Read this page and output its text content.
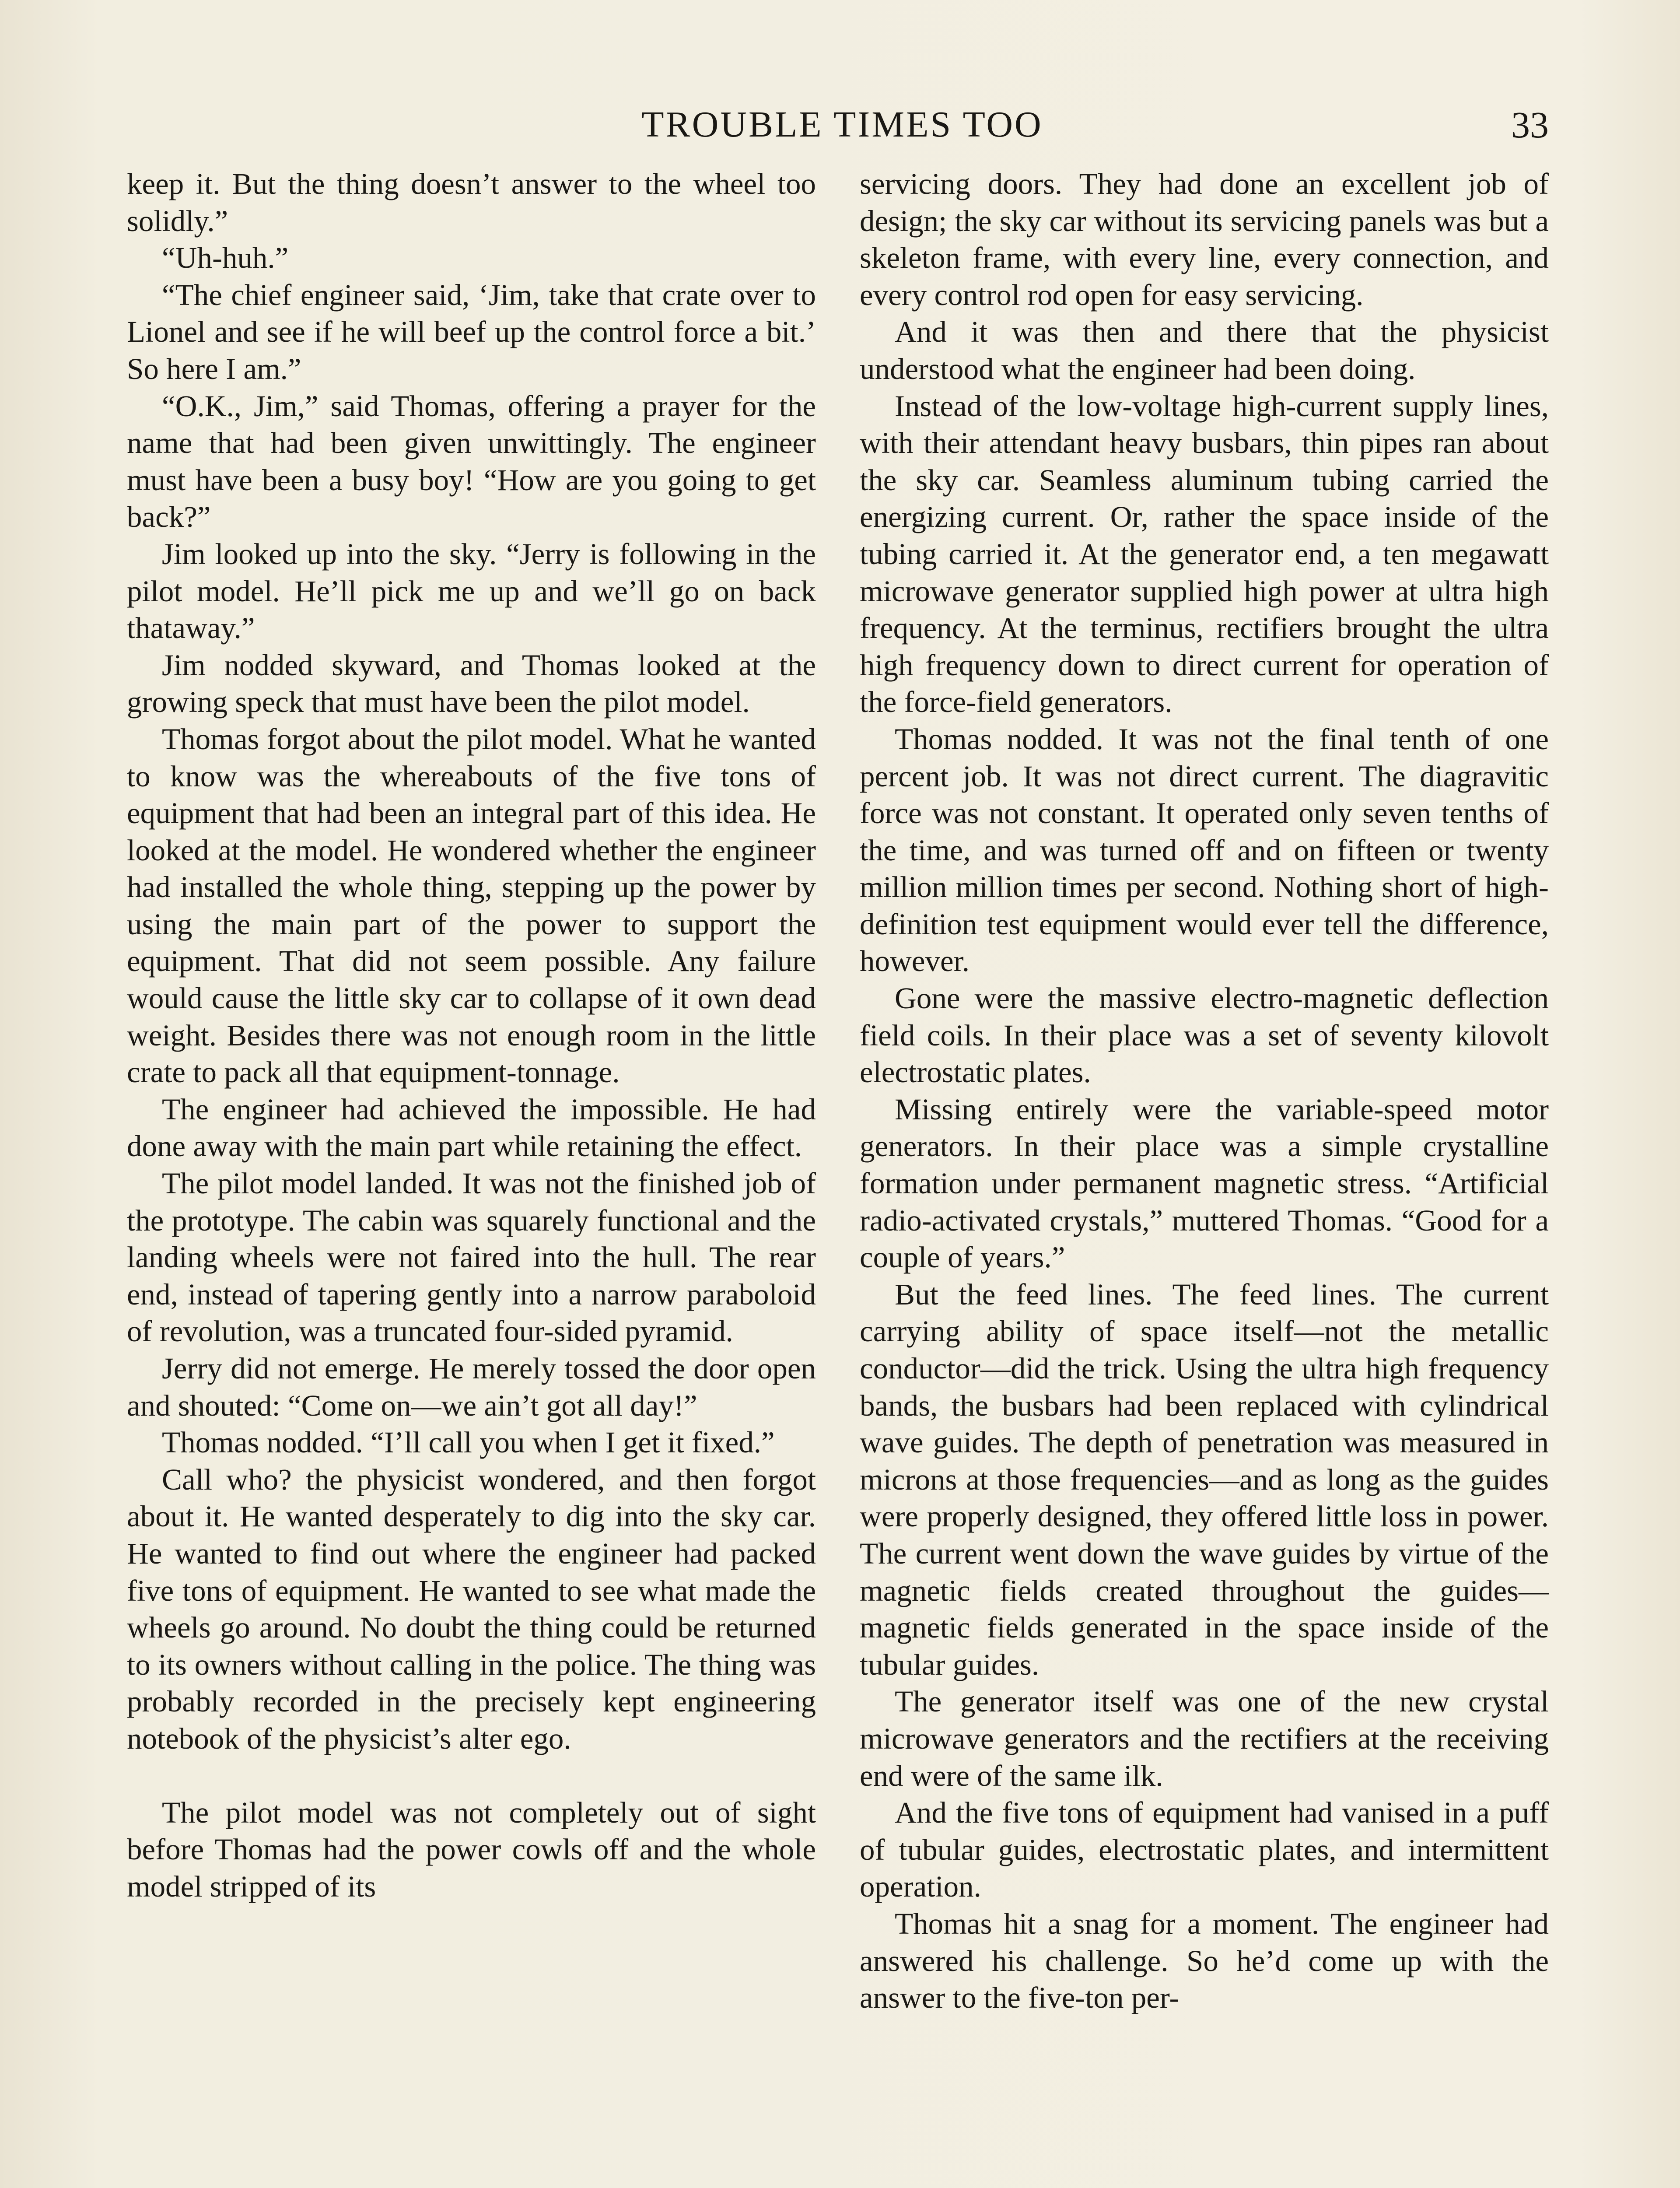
TROUBLE TIMES TOO	33

keep it. But the thing doesn’t answer to the wheel too solidly.”

“Uh-huh.”

“The chief engineer said, ‘Jim, take that crate over to Lionel and see if he will beef up the control force a bit.’ So here I am.”

“O.K., Jim,” said Thomas, offering a prayer for the name that had been given unwittingly. The engineer must have been a busy boy! “How are you going to get back?”

Jim looked up into the sky. “Jerry is following in the pilot model. He’ll pick me up and we’ll go on back thataway.”

Jim nodded skyward, and Thomas looked at the growing speck that must have been the pilot model.

Thomas forgot about the pilot model. What he wanted to know was the whereabouts of the five tons of equipment that had been an integral part of this idea. He looked at the model. He wondered whether the engineer had installed the whole thing, stepping up the power by using the main part of the power to support the equipment. That did not seem possible. Any failure would cause the little sky car to collapse of it own dead weight. Besides there was not enough room in the little crate to pack all that equipment-tonnage.

The engineer had achieved the impossible. He had done away with the main part while retaining the effect.

The pilot model landed. It was not the finished job of the prototype. The cabin was squarely functional and the landing wheels were not faired into the hull. The rear end, instead of tapering gently into a narrow paraboloid of revolution, was a truncated four-sided pyramid.

Jerry did not emerge. He merely tossed the door open and shouted: “Come on—we ain’t got all day!”

Thomas nodded. “I’ll call you when I get it fixed.”

Call who? the physicist wondered, and then forgot about it. He wanted desperately to dig into the sky car. He wanted to find out where the engineer had packed five tons of equipment. He wanted to see what made the wheels go around. No doubt the thing could be returned to its owners without calling in the police. The thing was probably recorded in the precisely kept engineering notebook of the physicist’s alter ego.

The pilot model was not completely out of sight before Thomas had the power cowls off and the whole model stripped of its

servicing doors. They had done an excellent job of design; the sky car without its servicing panels was but a skeleton frame, with every line, every connection, and every control rod open for easy servicing.

And it was then and there that the physicist understood what the engineer had been doing.

Instead of the low-voltage high-current supply lines, with their attendant heavy busbars, thin pipes ran about the sky car. Seamless aluminum tubing carried the energizing current. Or, rather the space inside of the tubing carried it. At the generator end, a ten megawatt microwave generator supplied high power at ultra high frequency. At the terminus, rectifiers brought the ultra high frequency down to direct current for operation of the force-field generators.

Thomas nodded. It was not the final tenth of one percent job. It was not direct current. The diagravitic force was not constant. It operated only seven tenths of the time, and was turned off and on fifteen or twenty million million times per second. Nothing short of high-definition test equipment would ever tell the difference, however.

Gone were the massive electro-magnetic deflection field coils. In their place was a set of seventy kilovolt electrostatic plates.

Missing entirely were the variable-speed motor generators. In their place was a simple crystalline formation under permanent magnetic stress. “Artificial radio-activated crystals,” muttered Thomas. “Good for a couple of years.”

But the feed lines. The feed lines. The current carrying ability of space itself—not the metallic conductor—did the trick. Using the ultra high frequency bands, the busbars had been replaced with cylindrical wave guides. The depth of penetration was measured in microns at those frequencies—and as long as the guides were properly designed, they offered little loss in power. The current went down the wave guides by virtue of the magnetic fields created throughout the guides—magnetic fields generated in the space inside of the tubular guides.

The generator itself was one of the new crystal microwave generators and the rectifiers at the receiving end were of the same ilk.

And the five tons of equipment had vanised in a puff of tubular guides, electrostatic plates, and intermittent operation.

Thomas hit a snag for a moment. The engineer had answered his challenge. So he’d come up with the answer to the five-ton per-
